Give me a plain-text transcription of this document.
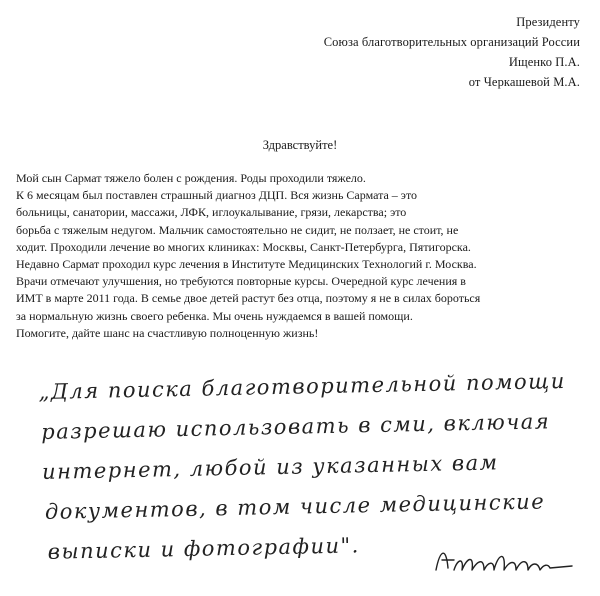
Президенту
Союза благотворительных организаций России
Ищенко П.А.
от Черкашевой М.А.
Здравствуйте!
Мой сын Сармат тяжело болен с рождения. Роды проходили тяжело.
К 6 месяцам был поставлен страшный диагноз ДЦП. Вся жизнь Сармата – это
больницы, санатории, массажи, ЛФК, иглоукалывание, грязи, лекарства; это
борьба с тяжелым недугом. Мальчик самостоятельно не сидит, не ползает, не стоит, не
ходит. Проходили лечение во многих клиниках: Москвы, Санкт-Петербурга, Пятигорска.
Недавно Сармат проходил курс лечения в Институте Медицинских Технологий г. Москва.
Врачи отмечают улучшения, но требуются повторные курсы. Очередной курс лечения в
ИМТ в марте 2011 года. В семье двое детей растут без отца, поэтому я не в силах бороться
за нормальную жизнь своего ребенка. Мы очень нуждаемся в вашей помощи.
Помогите, дайте шанс на счастливую полноценную жизнь!
„Для поиска благотворительной помощи
разрешаю использовать в сми, включая
интернет, любой из указанных вам
документов, в том числе медицинские
выписки и фотографии".
